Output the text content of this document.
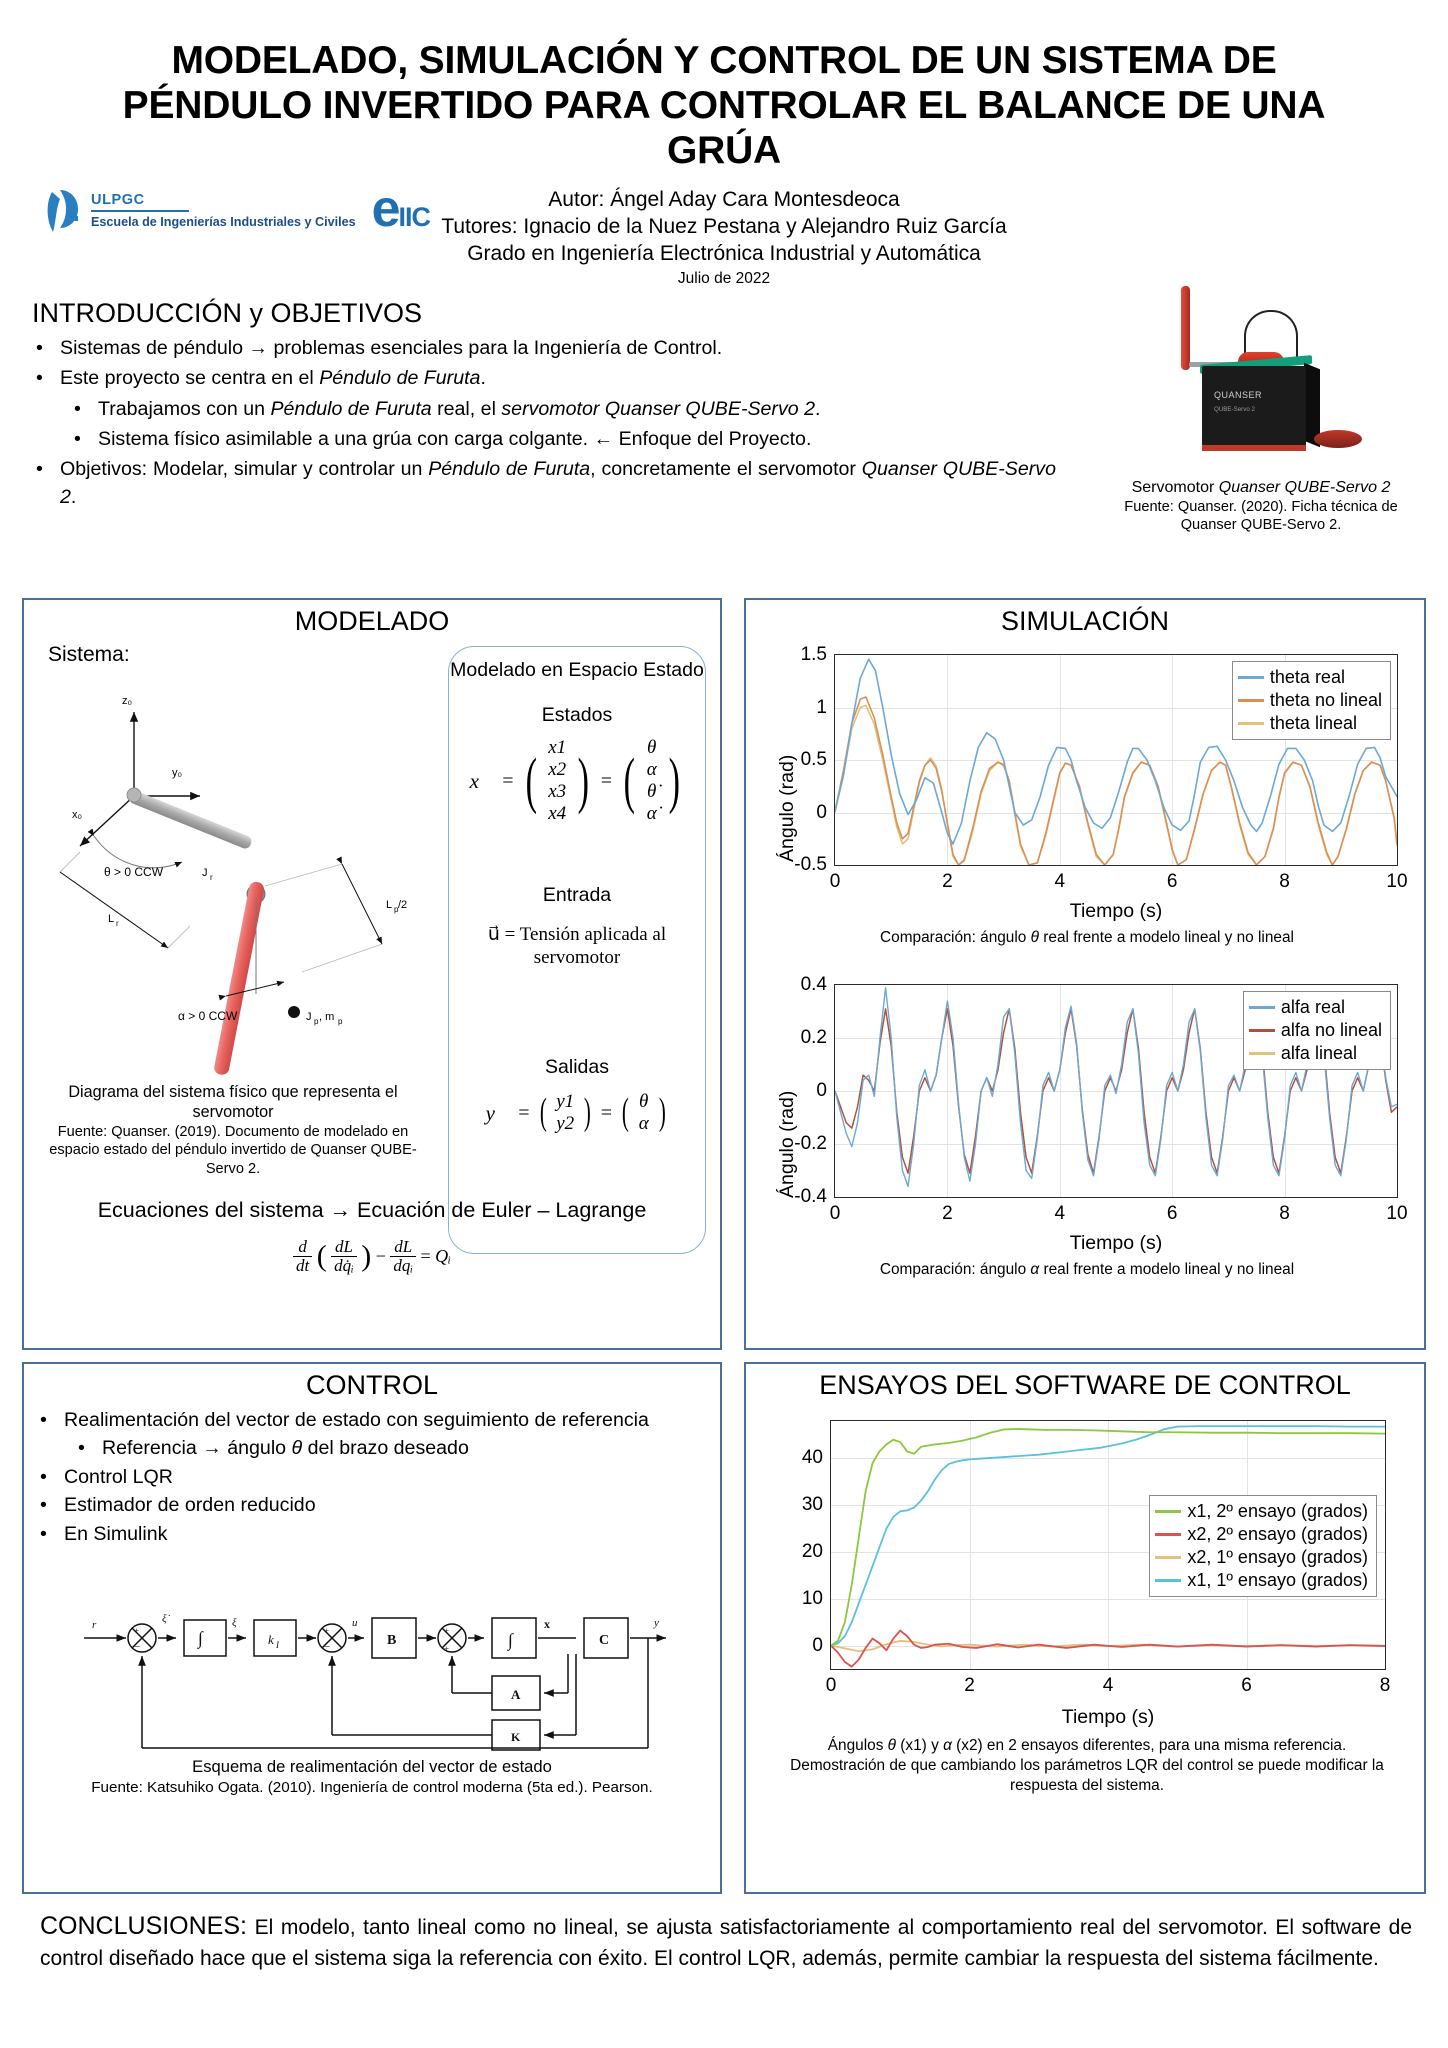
MODELADO, SIMULACIÓN Y CONTROL DE UN SISTEMA DE PÉNDULO INVERTIDO PARA CONTROLAR EL BALANCE DE UNA GRÚA
ULPGC
Escuela de Ingenierías Industriales y Civiles e IIC
Autor: Ángel Aday Cara Montesdeoca
Tutores: Ignacio de la Nuez Pestana y Alejandro Ruiz García
Grado en Ingeniería Electrónica Industrial y Automática
Julio de 2022
INTRODUCCIÓN y OBJETIVOS
• Sistemas de péndulo → problemas esenciales para la Ingeniería de Control.
• Este proyecto se centra en el Péndulo de Furuta.
• Trabajamos con un Péndulo de Furuta real, el servomotor Quanser QUBE-Servo 2.
• Sistema físico asimilable a una grúa con carga colgante. ← Enfoque del Proyecto.
• Objetivos: Modelar, simular y controlar un Péndulo de Furuta, concretamente el servomotor Quanser QUBE-Servo 2.
QUANSER
QUBE-Servo 2
Servomotor Quanser QUBE-Servo 2
Fuente: Quanser. (2020). Ficha técnica de Quanser QUBE-Servo 2.
MODELADO
Sistema:
z₀
y₀
x₀
L r
θ > 0 CCW	J r
L p /2
α > 0 CCW	J p , m p
Diagrama del sistema físico que representa el servomotor
Fuente: Quanser. (2019). Documento de modelado en espacio estado del péndulo invertido de Quanser QUBE-Servo 2.
Modelado en Espacio Estado
Estados
x⃗ = ( x1
x2
x3
x4 ) = ( θ
α
θ̇
α̇ )
Entrada
u⃗ = Tensión aplicada al servomotor
Salidas
y⃗ = ( y1
y2 ) = ( θ
α )
Ecuaciones del sistema → Ecuación de Euler – Lagrange
$\frac{d}{dt}$ ( $\frac{dL}{\text{dq̇ᵢ}}$ ) − $\frac{dL}{\text{dqᵢ}}$ = Qᵢ
SIMULACIÓN
Ángulo (rad)
-0.5
0
0.5
1
1.5
0	2	4	6	8	10
theta real
theta no lineal
theta lineal
Tiempo (s)
Comparación: ángulo θ real frente a modelo lineal y no lineal
Ángulo (rad)
-0.4
-0.2
0
0.2
0.4
0	2	4	6	8	10
alfa real
alfa no lineal
alfa lineal
Tiempo (s)
Comparación: ángulo α real frente a modelo lineal y no lineal
CONTROL
• Realimentación del vector de estado con seguimiento de referencia
• Referencia → ángulo θ del brazo deseado
• Control LQR
• Estimador de orden reducido
• En Simulink
r	ξ̇	ξ
∫	k I
u
B	∫
x
C
y
A
K
+
−
+
−
+
+
Esquema de realimentación del vector de estado
Fuente: Katsuhiko Ogata. (2010). Ingeniería de control moderna (5ta ed.). Pearson.
ENSAYOS DEL SOFTWARE DE CONTROL
0
10
20
30
40
0	2	4	6	8
x1, 2º ensayo (grados)
x2, 2º ensayo (grados)
x2, 1º ensayo (grados)
x1, 1º ensayo (grados)
Tiempo (s)
Ángulos θ (x1) y α (x2) en 2 ensayos diferentes, para una misma referencia. Demostración de que cambiando los parámetros LQR del control se puede modificar la respuesta del sistema.
CONCLUSIONES: El modelo, tanto lineal como no lineal, se ajusta satisfactoriamente al comportamiento real del servomotor. El software de control diseñado hace que el sistema siga la referencia con éxito. El control LQR, además, permite cambiar la respuesta del sistema fácilmente.
